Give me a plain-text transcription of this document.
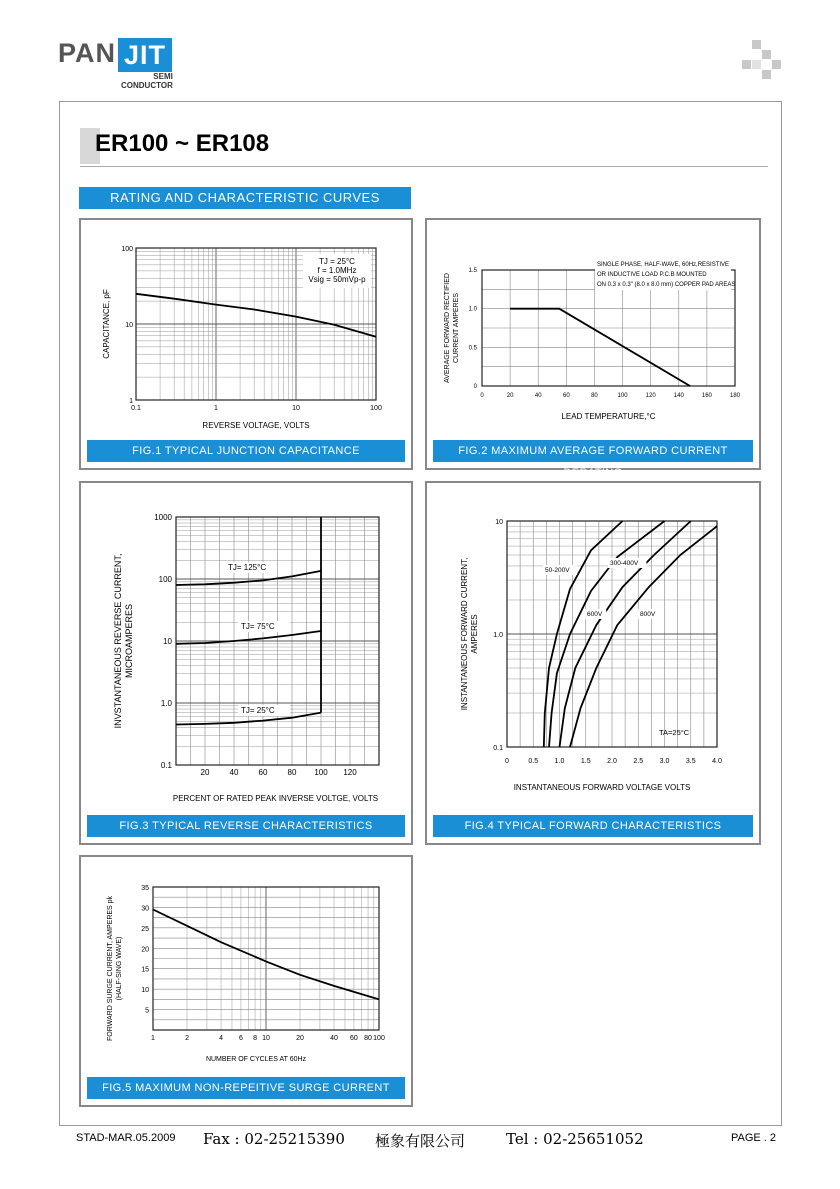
PAN JIT
SEMI
CONDUCTOR
ER100 ~ ER108
RATING AND CHARACTERISTIC CURVES
0.1	1	10	100
1
10
100
REVERSE VOLTAGE, VOLTS
CAPACITANCE, pF
TJ = 25°C
f = 1.0MHz
Vsig = 50mVp-p
FIG.1 TYPICAL JUNCTION CAPACITANCE
0	20	40	60	80	100	120	140	160	180
0
0.5
1.0
1.5
LEAD TEMPERATURE,°C
AVERAGE FORWARD RECTIFIED CURRENT AMPERES
SINGLE PHASE, HALF-WAVE, 60Hz,RESISTIVE
OR INDUCTIVE LOAD P.C.B MOUNTED
ON 0.3 x 0.3" (8.0 x 8.0 mm) COPPER PAD AREAS
FIG.2 MAXIMUM AVERAGE FORWARD CURRENT DERATING
20	40	60	80 100 120
0.1
1.0
10
100
1000
TJ= 125°C
TJ= 75°C
TJ= 25°C
PERCENT OF RATED PEAK INVERSE VOLTGE, VOLTS
INVSTANTANEOUS REVERSE CURRENT, MICROAMPERES
FIG.3 TYPICAL REVERSE CHARACTERISTICS
0	0.5 1.0 1.5 2.0 2.5 3.0 3.5 4.0
0.1
1.0
10
50-200V
300-400V
600V	800V
TA=25°C
INSTANTANEOUS FORWARD VOLTAGE VOLTS
INSTANTANEOUS FORWARD CURRENT, AMPERES
FIG.4 TYPICAL FORWARD CHARACTERISTICS
1	2	4 6 8 10	20	40 60 80 100
5
10
15
20
25
30
35
NUMBER OF CYCLES AT 60Hz
FORWARD SURGE CURRENT, AMPERES pk (HALF-SING WAVE)
FIG.5 MAXIMUM NON-REPEITIVE SURGE CURRENT
STAD-MAR.05.2009 Fax : 02-25215390 極象有限公司	Tel : 02-25651052	PAGE . 2
